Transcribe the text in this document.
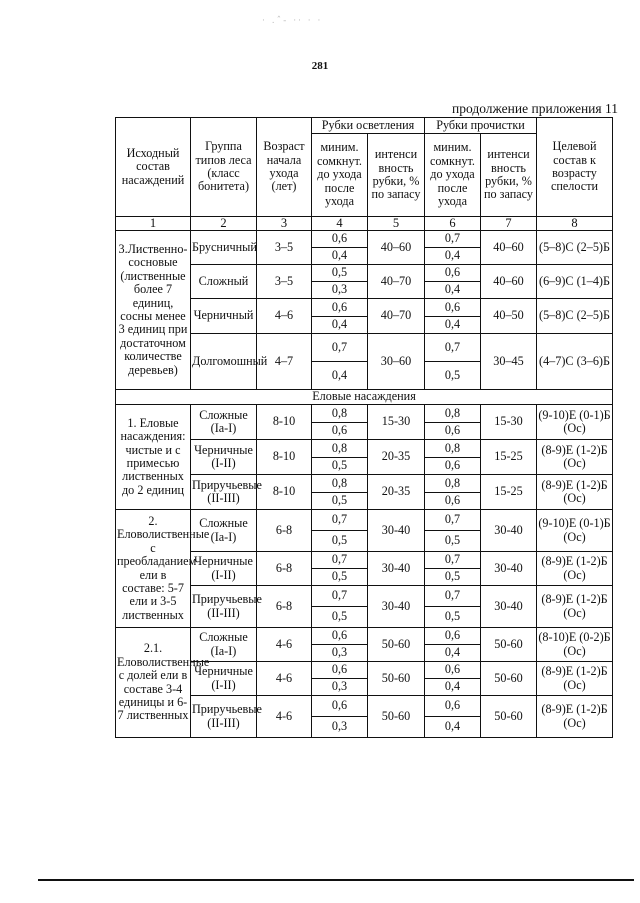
· .ˆ- ·· · ·
281
продолжение приложения 11
Исходный состав насаждений	Группа типов леса (класс бонитета)	Возраст начала ухода (лет)	Рубки осветления		Рубки прочистки		Целевой состав к возрасту спелости
			миним. сомкнут. до ухода после ухода	интенси вность рубки, % по запасу	миним. сомкнут. до ухода после ухода	интенси вность рубки, % по запасу	
1	2	3	4	5	6	7	8
3.Лиственно-сосновые (лиственные более 7 единиц, сосны менее 3 единиц при достаточном количестве деревьев)	Брусничный	3–5	0,6	40–60	0,7	40–60	(5–8)С (2–5)Б
			0,4		0,4		
	Сложный	3–5	0,5	40–70	0,6	40–60	(6–9)С (1–4)Б
			0,3		0,4		
	Черничный	4–6	0,6	40–70	0,6	40–50	(5–8)С (2–5)Б
			0,4		0,4		
	Долгомошный	4–7	0,7	30–60	0,7	30–45	(4–7)С (3–6)Б
			0,4		0,5		
Еловые насаждения							
1. Еловые насаждения: чистые и с примесью лиственных до 2 единиц	Сложные (Ia-I)	8-10	0,8	15-30	0,8	15-30	(9-10)Е (0-1)Б (Ос)
			0,6		0,6		
	Черничные (I-II)	8-10	0,8	20-35	0,8	15-25	(8-9)Е (1-2)Б (Ос)
			0,5		0,6		
	Приручьевые (II-III)	8-10	0,8	20-35	0,8	15-25	(8-9)Е (1-2)Б (Ос)
			0,5		0,6		
2. Еловолиственные с преобладанием ели в составе: 5-7 ели и 3-5 лиственных	Сложные (Ia-I)	6-8	0,7	30-40	0,7	30-40	(9-10)Е (0-1)Б (Ос)
			0,5		0,5		
	Черничные (I-II)	6-8	0,7	30-40	0,7	30-40	(8-9)Е (1-2)Б (Ос)
			0,5		0,5		
	Приручьевые (II-III)	6-8	0,7	30-40	0,7	30-40	(8-9)Е (1-2)Б (Ос)
			0,5		0,5		
2.1. Еловолиственные с долей ели в составе 3-4 единицы и 6-7 лиственных	Сложные (Ia-I)	4-6	0,6	50-60	0,6	50-60	(8-10)Е (0-2)Б (Ос)
			0,3		0,4		
	Черничные (I-II)	4-6	0,6	50-60	0,6	50-60	(8-9)Е (1-2)Б (Ос)
			0,3		0,4		
	Приручьевые (II-III)	4-6	0,6	50-60	0,6	50-60	(8-9)Е (1-2)Б (Ос)
			0,3		0,4		
